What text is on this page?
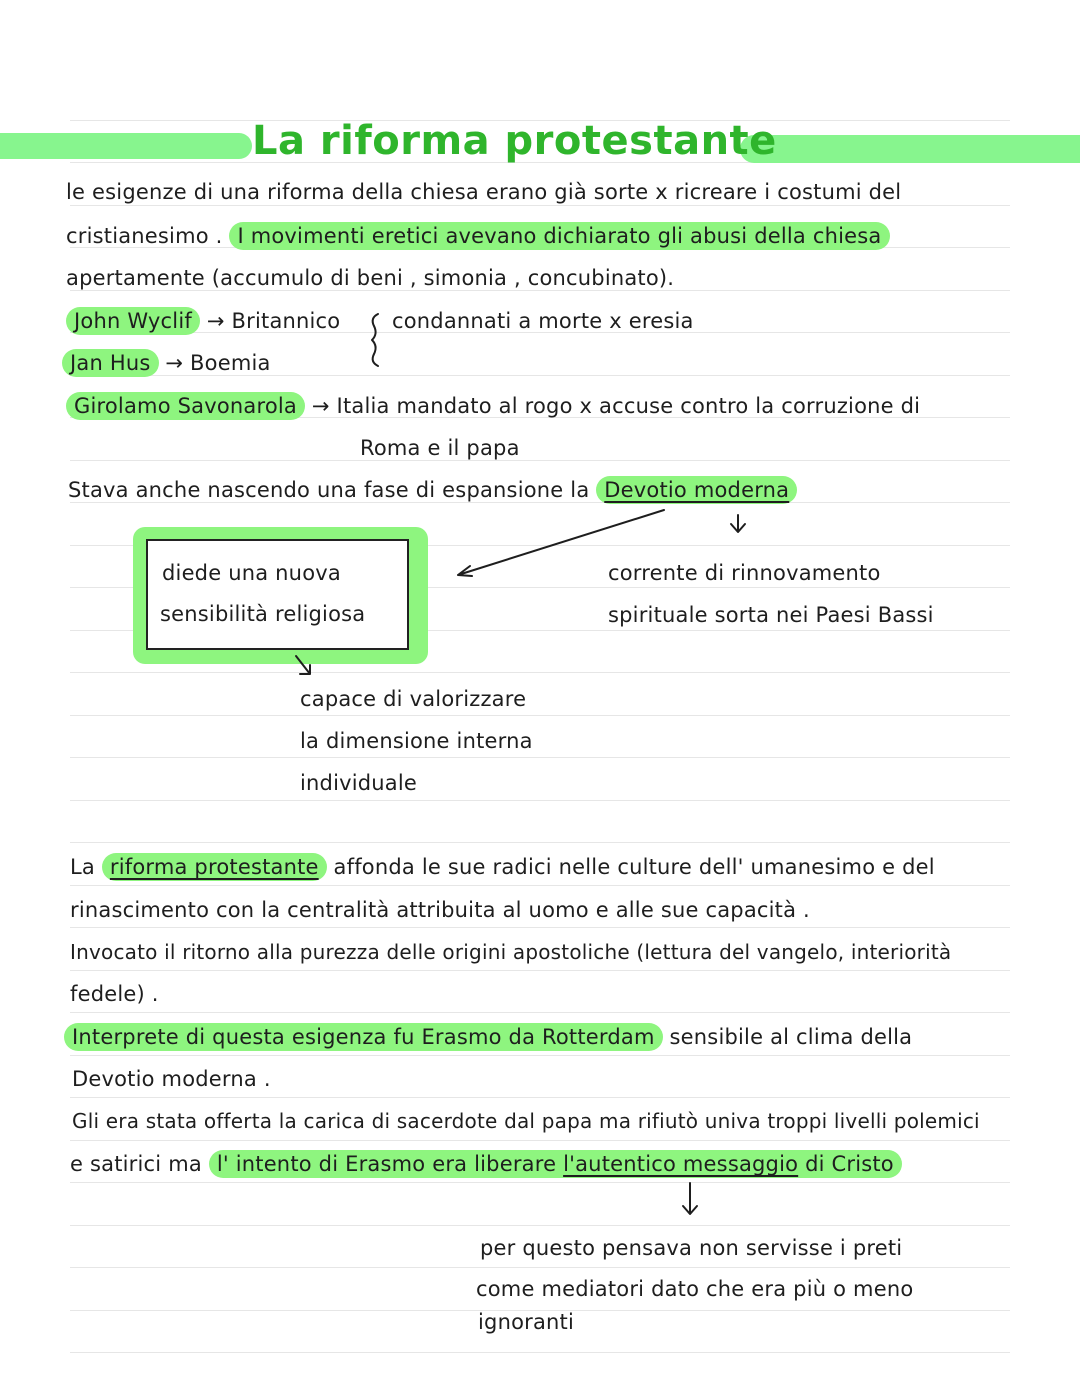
La riforma protestante
le esigenze di una riforma della chiesa erano già sorte x ricreare i costumi del
cristianesimo . I movimenti eretici avevano dichiarato gli abusi della chiesa
apertamente (accumulo di beni , simonia , concubinato).
John Wyclif → Britannico condannati a morte x eresia
Jan Hus → Boemia
Girolamo Savonarola → Italia mandato al rogo x accuse contro la corruzione di
Roma e il papa
Stava anche nascendo una fase di espansione la Devotio moderna
diede una nuova
sensibilità religiosa
corrente di rinnovamento
spirituale sorta nei Paesi Bassi
capace di valorizzare
la dimensione interna
individuale
La riforma protestante affonda le sue radici nelle culture dell' umanesimo e del
rinascimento con la centralità attribuita al uomo e alle sue capacità .
Invocato il ritorno alla purezza delle origini apostoliche (lettura del vangelo, interiorità
fedele) .
Interprete di questa esigenza fu Erasmo da Rotterdam sensibile al clima della
Devotio moderna .
Gli era stata offerta la carica di sacerdote dal papa ma rifiutò univa troppi livelli polemici
e satirici ma l' intento di Erasmo era liberare l'autentico messaggio di Cristo
per questo pensava non servisse i preti
come mediatori dato che era più o meno
ignoranti
